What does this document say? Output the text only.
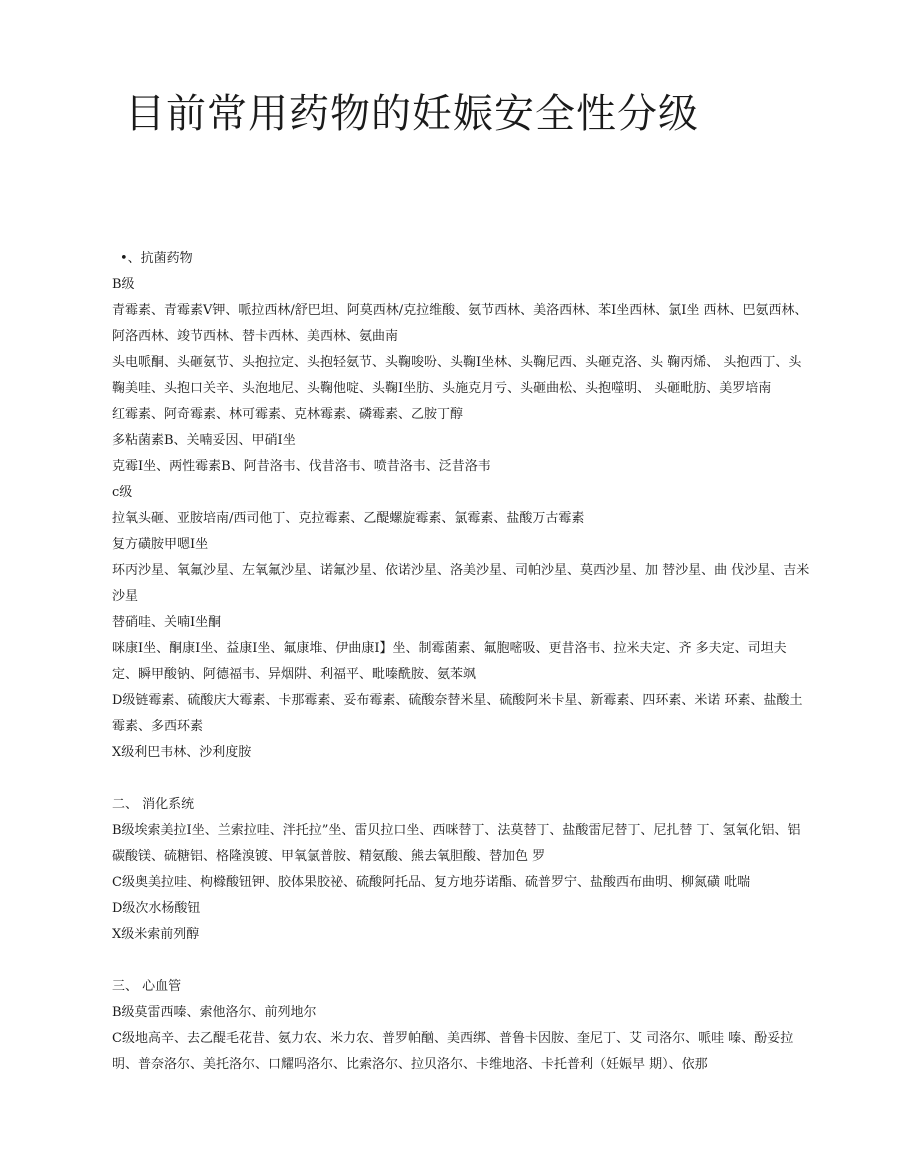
目前常用药物的妊娠安全性分级

•、抗菌药物

B级

青霉素、青霉素V钾、哌拉西林/舒巴坦、阿莫西林/克拉维酸、氨节西林、美洛西林、苯I坐西林、氯I坐 西林、巴氨西林、阿洛西林、竣节西林、替卡西林、美西林、氨曲南

头电哌酮、头砸氨节、头抱拉定、头抱轻氨节、头鞠唆吩、头鞠I坐林、头鞠尼西、头砸克洛、头 鞠丙烯、 头抱西丁、头鞠美哇、头抱口关辛、头泡地尼、头鞠他啶、头鞠I坐肪、头施克月亏、头砸曲松、头抱噬明、 头砸毗肪、美罗培南

红霉素、阿奇霉素、林可霉素、克林霉素、磷霉素、乙胺丁醇

多粘菌素B、关喃妥因、甲硝I坐

克霉I坐、两性霉素B、阿昔洛韦、伐昔洛韦、喷昔洛韦、泛昔洛韦

c级

拉氧头砸、亚胺培南/西司他丁、克拉霉素、乙醍螺旋霉素、氯霉素、盐酸万古霉素

复方磺胺甲嗯I坐

环丙沙星、氧氟沙星、左氧氟沙星、诺氟沙星、依诺沙星、洛美沙星、司帕沙星、莫西沙星、加 替沙星、曲 伐沙星、吉米沙星

替硝哇、关喃I坐酮

咪康I坐、酮康I坐、益康I坐、氟康堆、伊曲康I】坐、制霉菌素、氟胞嘧吸、更昔洛韦、拉米夫定、齐 多夫定、司坦夫定、瞬甲酸钠、阿德福韦、异烟阱、利福平、毗嗪酰胺、氨苯飒

D级链霉素、硫酸庆大霉素、卡那霉素、妥布霉素、硫酸奈替米星、硫酸阿米卡星、新霉素、四环素、米诺 环素、盐酸土霉素、多西环素

X级利巴韦林、沙利度胺

二、 消化系统

B级埃索美拉I坐、兰索拉哇、泮托拉”坐、雷贝拉口坐、西咪替丁、法莫替丁、盐酸雷尼替丁、尼扎替 丁、氢氧化铝、铝碳酸镁、硫糖铝、格隆溴镀、甲氧氯普胺、精氨酸、熊去氧胆酸、替加色 罗

C级奥美拉哇、枸橼酸钮钾、胶体果胶祕、硫酸阿托品、复方地芬诺酯、硫普罗宁、盐酸西布曲明、柳氮磺 吡喘

D级次水杨酸钮

X级米索前列醇

三、 心血管

B级莫雷西嗪、索他洛尔、前列地尔

C级地高辛、去乙醍毛花昔、氨力农、米力农、普罗帕酗、美西绑、普鲁卡因胺、奎尼丁、艾 司洛尔、哌哇 嗪、酚妥拉明、普奈洛尔、美托洛尔、口耀吗洛尔、比索洛尔、拉贝洛尔、卡维地洛、卡托普利（妊娠早 期）、依那
